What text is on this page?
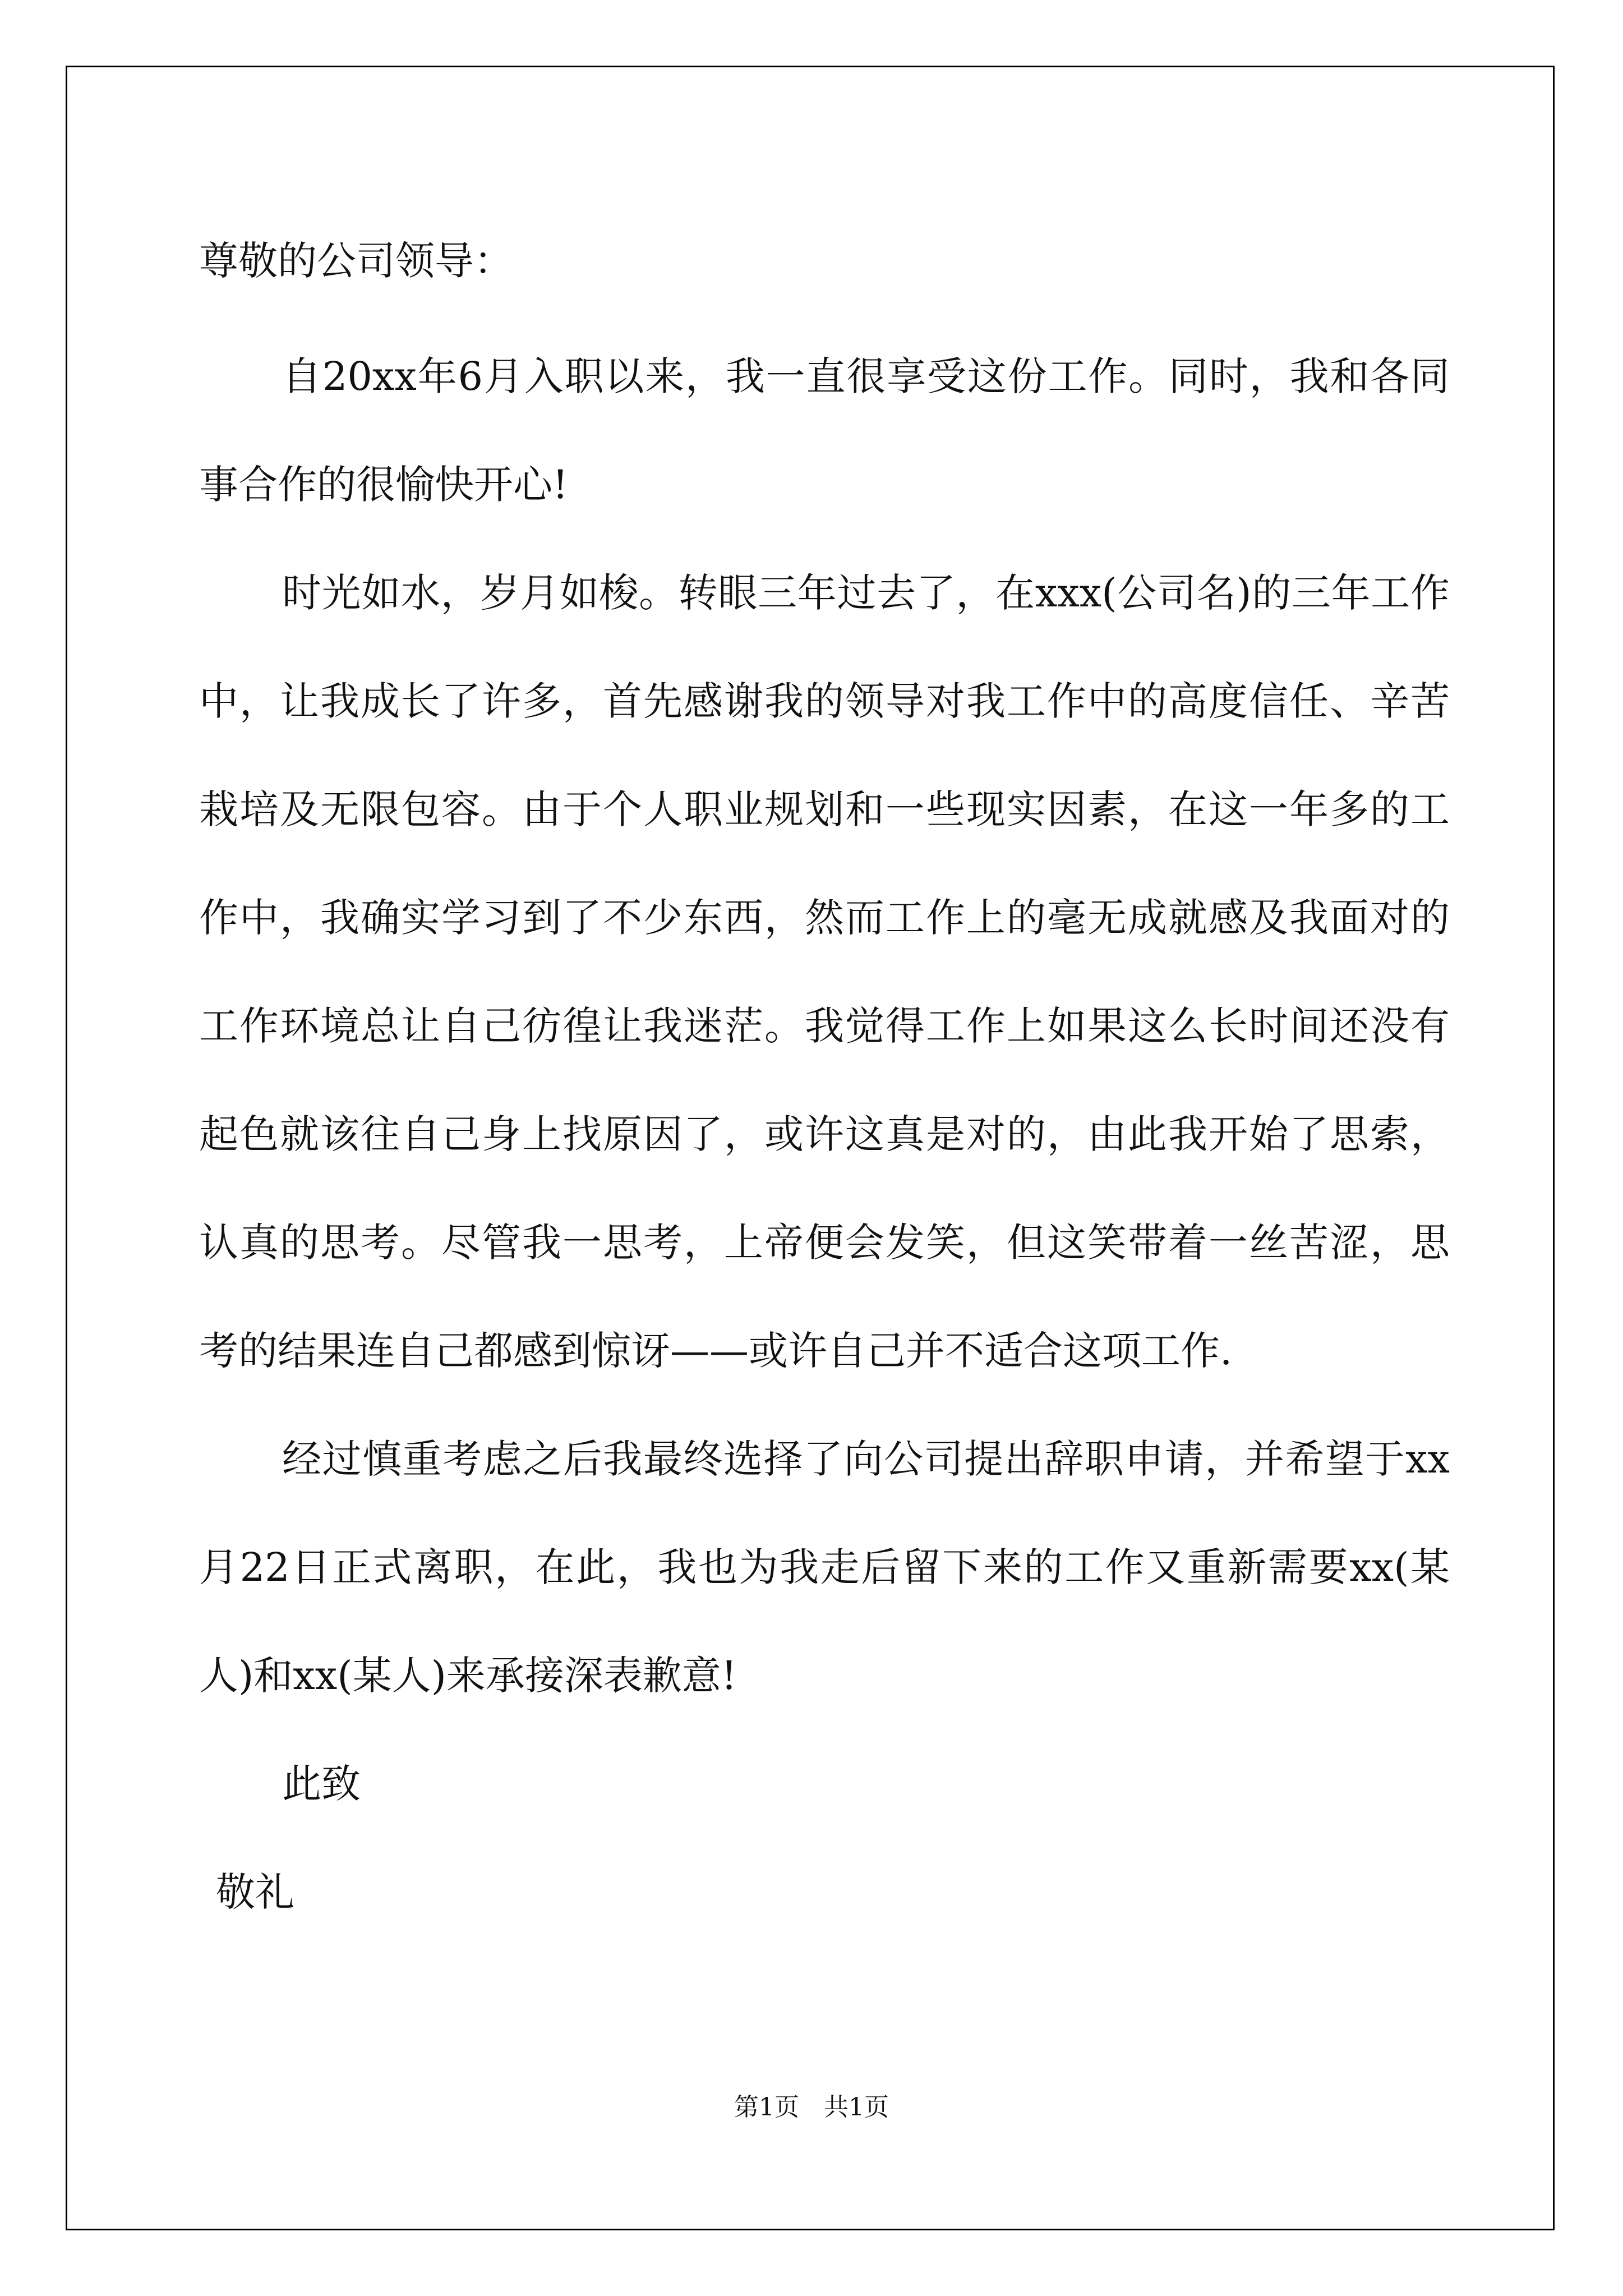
尊敬的公司领导：

自20xx年6月入职以来，我一直很享受这份工作。同时，我和各同事合作的很愉快开心!

时光如水，岁月如梭。转眼三年过去了，在xxx(公司名)的三年工作中，让我成长了许多，首先感谢我的领导对我工作中的高度信任、辛苦栽培及无限包容。由于个人职业规划和一些现实因素，在这一年多的工作中，我确实学习到了不少东西，然而工作上的毫无成就感及我面对的工作环境总让自己彷徨让我迷茫。我觉得工作上如果这么长时间还没有起色就该往自己身上找原因了，或许这真是对的，由此我开始了思索，认真的思考。尽管我一思考，上帝便会发笑，但这笑带着一丝苦涩，思考的结果连自己都感到惊讶——或许自己并不适合这项工作.

经过慎重考虑之后我最终选择了向公司提出辞职申请，并希望于xx月22日正式离职，在此，我也为我走后留下来的工作又重新需要xx(某人)和xx(某人)来承接深表歉意!

此致

敬礼

第1页　共1页
